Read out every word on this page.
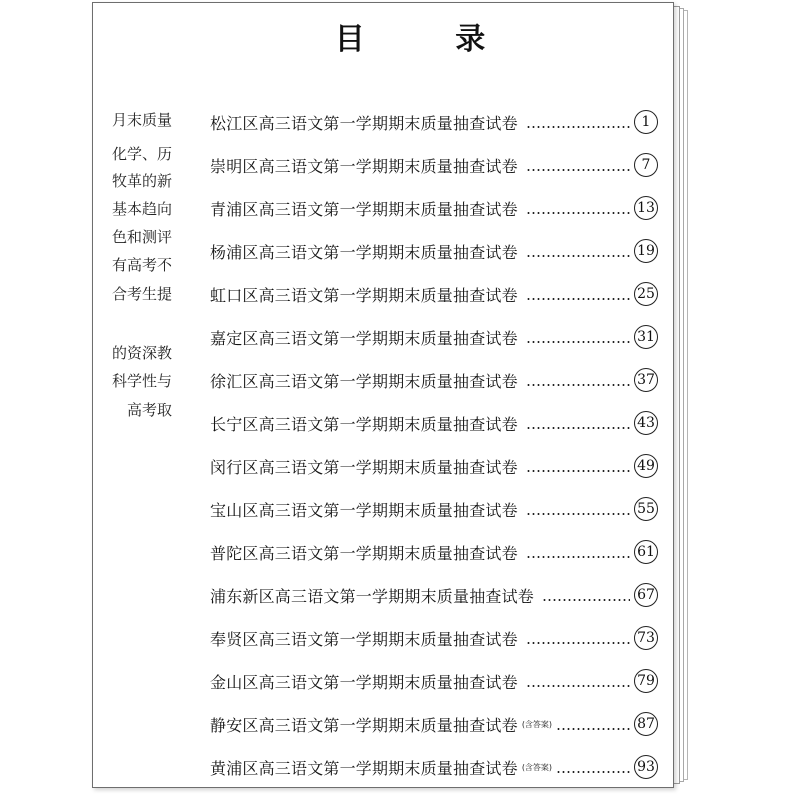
目 录
月末质量
化学、历
牧革的新
基本趋向
色和测评
有高考不
合考生提
的资深教
科学性与
高考取
松江区高三语文第一学期期末质量抽查试卷	1
崇明区高三语文第一学期期末质量抽查试卷	7
青浦区高三语文第一学期期末质量抽查试卷	13
杨浦区高三语文第一学期期末质量抽查试卷	19
虹口区高三语文第一学期期末质量抽查试卷	25
嘉定区高三语文第一学期期末质量抽查试卷	31
徐汇区高三语文第一学期期末质量抽查试卷	37
长宁区高三语文第一学期期末质量抽查试卷	43
闵行区高三语文第一学期期末质量抽查试卷	49
宝山区高三语文第一学期期末质量抽查试卷	55
普陀区高三语文第一学期期末质量抽查试卷	61
浦东新区高三语文第一学期期末质量抽查试卷	67
奉贤区高三语文第一学期期末质量抽查试卷	73
金山区高三语文第一学期期末质量抽查试卷	79
静安区高三语文第一学期期末质量抽查试卷 (含答案)	87
黄浦区高三语文第一学期期末质量抽查试卷 (含答案)	93
